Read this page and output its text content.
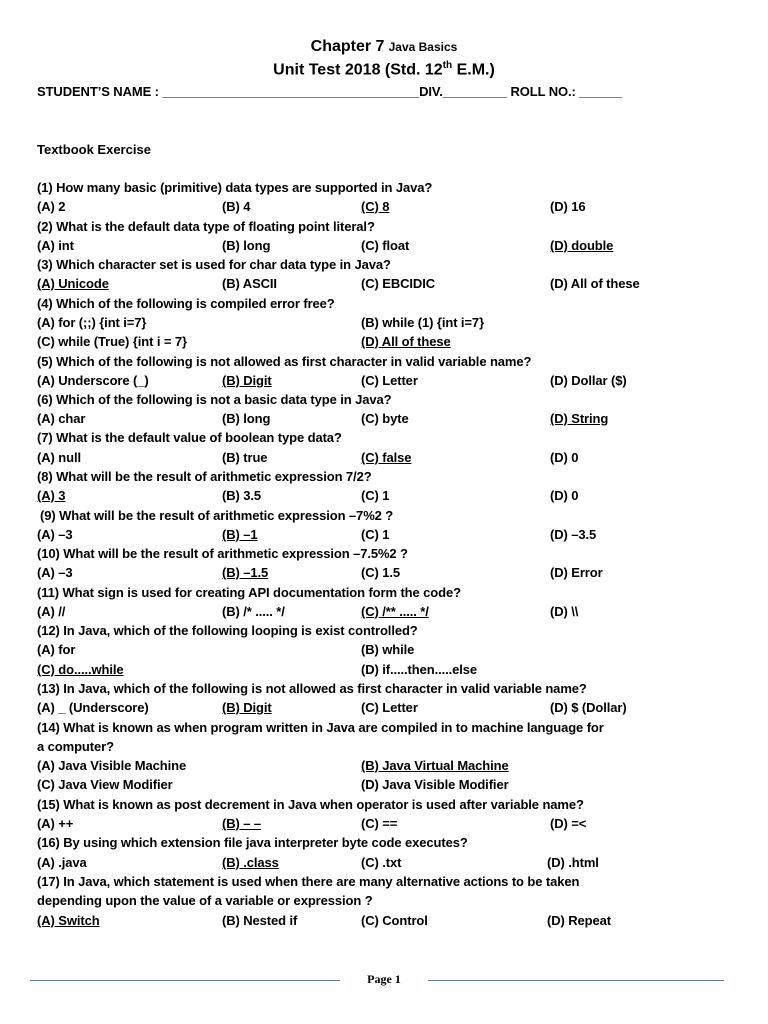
Chapter 7 Java Basics
Unit Test 2018 (Std. 12th E.M.)
STUDENT’S NAME : ____________________________________DIV._________ ROLL NO.: ______
Textbook Exercise
(1) How many basic (primitive) data types are supported in Java?
(A) 2	(B) 4	(C) 8	(D) 16
(2) What is the default data type of floating point literal?
(A) int	(B) long	(C) float	(D) double
(3) Which character set is used for char data type in Java?
(A) Unicode	(B) ASCII	(C) EBCIDIC	(D) All of these
(4) Which of the following is compiled error free?
(A) for (;;) {int i=7}	(B) while (1) {int i=7}
(C) while (True) {int i = 7}	(D) All of these
(5) Which of the following is not allowed as first character in valid variable name?
(A) Underscore (_)	(B) Digit	(C) Letter	(D) Dollar ($)
(6) Which of the following is not a basic data type in Java?
(A) char	(B) long	(C) byte	(D) String
(7) What is the default value of boolean type data?
(A) null	(B) true	(C) false	(D) 0
(8) What will be the result of arithmetic expression 7/2?
(A) 3	(B) 3.5	(C) 1	(D) 0
(9) What will be the result of arithmetic expression –7%2 ?
(A) –3	(B) –1	(C) 1	(D) –3.5
(10) What will be the result of arithmetic expression –7.5%2 ?
(A) –3	(B) –1.5	(C) 1.5	(D) Error
(11) What sign is used for creating API documentation form the code?
(A) //	(B) /* ..... */	(C) /** ..... */	(D) \\
(12) In Java, which of the following looping is exist controlled?
(A) for	(B) while
(C) do.....while	(D) if.....then.....else
(13) In Java, which of the following is not allowed as first character in valid variable name?
(A) _ (Underscore)	(B) Digit	(C) Letter	(D) $ (Dollar)
(14) What is known as when program written in Java are compiled in to machine language for
a computer?
(A) Java Visible Machine	(B) Java Virtual Machine
(C) Java View Modifier	(D) Java Visible Modifier
(15) What is known as post decrement in Java when operator is used after variable name?
(A) ++	(B) – –	(C) ==	(D) =<
(16) By using which extension file java interpreter byte code executes?
(A) .java	(B) .class	(C) .txt	(D) .html
(17) In Java, which statement is used when there are many alternative actions to be taken
depending upon the value of a variable or expression ?
(A) Switch	(B) Nested if	(C) Control	(D) Repeat
Page 1
